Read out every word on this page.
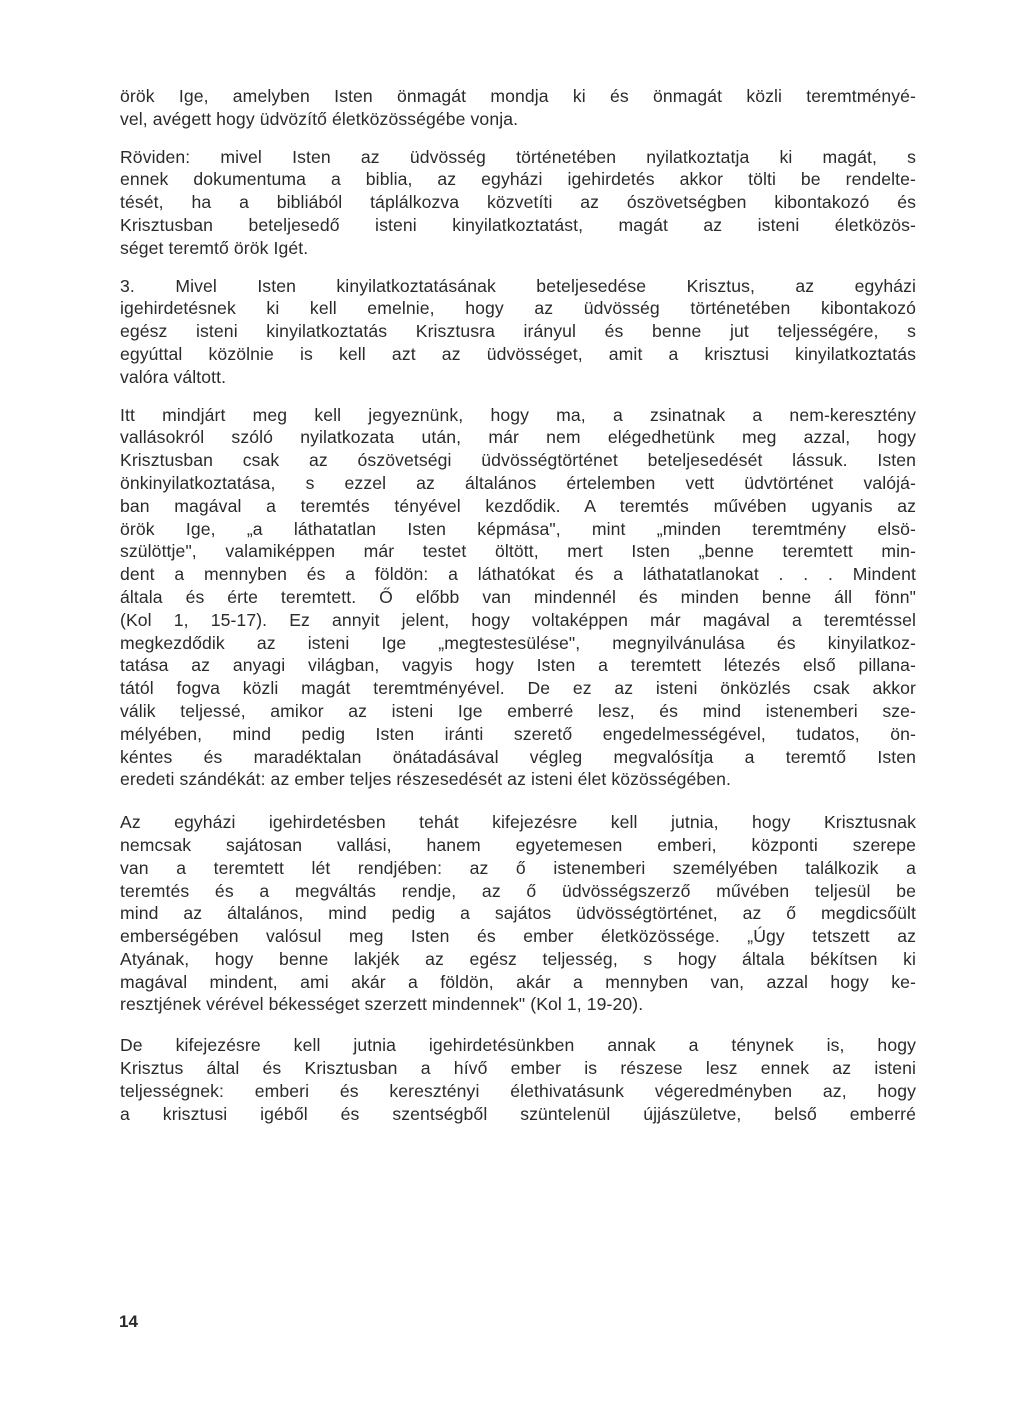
örök Ige, amelyben Isten önmagát mondja ki és önmagát közli teremtményé-
vel, avégett hogy üdvözítő életközösségébe vonja.

Röviden: mivel Isten az üdvösség történetében nyilatkoztatja ki magát, s
ennek dokumentuma a biblia, az egyházi igehirdetés akkor tölti be rendelte-
tését, ha a bibliából táplálkozva közvetíti az ószövetségben kibontakozó és
Krisztusban beteljesedő isteni kinyilatkoztatást, magát az isteni életközös-
séget teremtő örök Igét.

3. Mivel Isten kinyilatkoztatásának beteljesedése Krisztus, az egyházi
igehirdetésnek ki kell emelnie, hogy az üdvösség történetében kibontakozó
egész isteni kinyilatkoztatás Krisztusra irányul és benne jut teljességére, s
egyúttal közölnie is kell azt az üdvösséget, amit a krisztusi kinyilatkoztatás
valóra váltott.

Itt mindjárt meg kell jegyeznünk, hogy ma, a zsinatnak a nem-keresztény
vallásokról szóló nyilatkozata után, már nem elégedhetünk meg azzal, hogy
Krisztusban csak az ószövetségi üdvösségtörténet beteljesedését lássuk. Isten
önkinyilatkoztatása, s ezzel az általános értelemben vett üdvtörténet valójá-
ban magával a teremtés tényével kezdődik. A teremtés művében ugyanis az
örök Ige, „a láthatatlan Isten képmása", mint „minden teremtmény elsö-
szülöttje", valamiképpen már testet öltött, mert Isten „benne teremtett min-
dent a mennyben és a földön: a láthatókat és a láthatatlanokat . . . Mindent
általa és érte teremtett. Ő előbb van mindennél és minden benne áll fönn"
(Kol 1, 15-17). Ez annyit jelent, hogy voltaképpen már magával a teremtéssel
megkezdődik az isteni Ige „megtestesülése", megnyilvánulása és kinyilatkoz-
tatása az anyagi világban, vagyis hogy Isten a teremtett létezés első pillana-
tától fogva közli magát teremtményével. De ez az isteni önközlés csak akkor
válik teljessé, amikor az isteni Ige emberré lesz, és mind istenemberi sze-
mélyében, mind pedig Isten iránti szerető engedelmességével, tudatos, ön-
kéntes és maradéktalan önátadásával végleg megvalósítja a teremtő Isten
eredeti szándékát: az ember teljes részesedését az isteni élet közösségében.

Az egyházi igehirdetésben tehát kifejezésre kell jutnia, hogy Krisztusnak
nemcsak sajátosan vallási, hanem egyetemesen emberi, központi szerepe
van a teremtett lét rendjében: az ő istenemberi személyében találkozik a
teremtés és a megváltás rendje, az ő üdvösségszerző művében teljesül be
mind az általános, mind pedig a sajátos üdvösségtörténet, az ő megdicsőült
emberségében valósul meg Isten és ember életközössége. „Úgy tetszett az
Atyának, hogy benne lakjék az egész teljesség, s hogy általa békítsen ki
magával mindent, ami akár a földön, akár a mennyben van, azzal hogy ke-
resztjének vérével békességet szerzett mindennek" (Kol 1, 19-20).

De kifejezésre kell jutnia igehirdetésünkben annak a ténynek is, hogy
Krisztus által és Krisztusban a hívő ember is részese lesz ennek az isteni
teljességnek: emberi és keresztényi élethivatásunk végeredményben az, hogy
a krisztusi igéből és szentségből szüntelenül újjászületve, belső emberré

14
